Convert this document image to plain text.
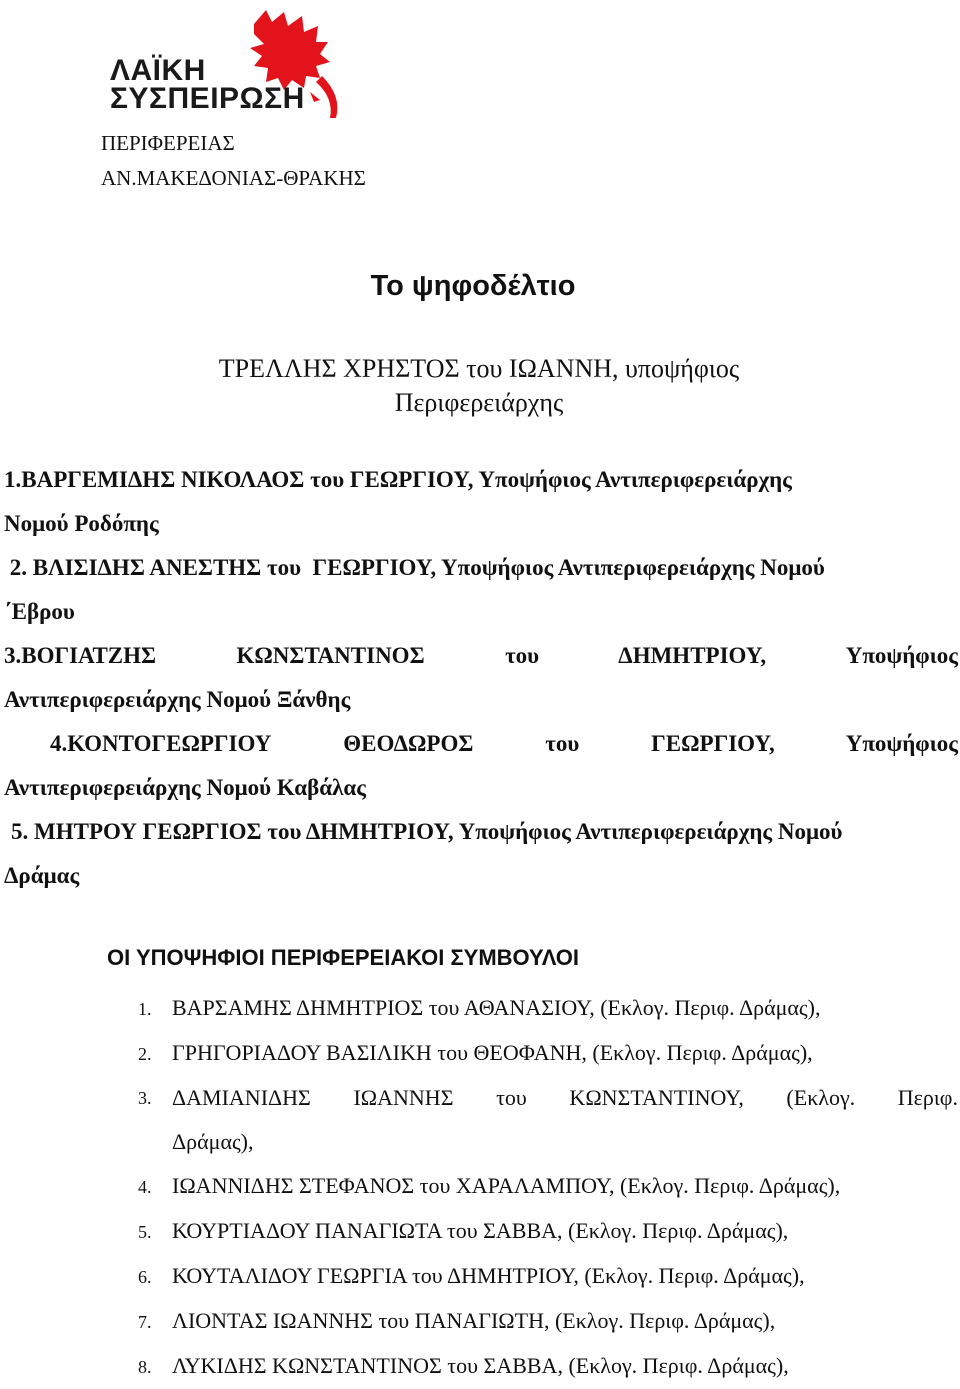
ΛΑΪΚΗ
ΣΥΣΠΕΙΡΩΣΗ
ΠΕΡΙΦΕΡΕΙΑΣ
ΑΝ.ΜΑΚΕΔΟΝΙΑΣ-ΘΡΑΚΗΣ
Το ψηφοδέλτιο
ΤΡΕΛΛΗΣ ΧΡΗΣΤΟΣ του ΙΩΑΝΝΗ, υποψήφιος
Περιφερειάρχης
1.ΒΑΡΓΕΜΙΔΗΣ ΝΙΚΟΛΑΟΣ του ΓΕΩΡΓΙΟΥ, Υποψήφιος Αντιπεριφερειάρχης
Νομού Ροδόπης
2. ΒΛΙΣΙΔΗΣ ΑΝΕΣΤΗΣ του  ΓΕΩΡΓΙΟΥ, Υποψήφιος Αντιπεριφερειάρχης Νομού
΄Εβρου
3.ΒΟΓΙΑΤΖΗΣ ΚΩΝΣΤΑΝΤΙΝΟΣ του ΔΗΜΗΤΡΙΟΥ, Υποψήφιος
Αντιπεριφερειάρχης Νομού Ξάνθης
4.ΚΟΝΤΟΓΕΩΡΓΙΟΥ ΘΕΟΔΩΡΟΣ του ΓΕΩΡΓΙΟΥ, Υποψήφιος
Αντιπεριφερειάρχης Νομού Καβάλας
5. ΜΗΤΡΟΥ ΓΕΩΡΓΙΟΣ του ΔΗΜΗΤΡΙΟΥ, Υποψήφιος Αντιπεριφερειάρχης Νομού
Δράμας
ΟΙ ΥΠΟΨΗΦΙΟΙ ΠΕΡΙΦΕΡΕΙΑΚΟΙ ΣΥΜΒΟΥΛΟΙ
1. ΒΑΡΣΑΜΗΣ ΔΗΜΗΤΡΙΟΣ του ΑΘΑΝΑΣΙΟΥ, (Εκλογ. Περιφ. Δράμας),
2. ΓΡΗΓΟΡΙΑΔΟΥ ΒΑΣΙΛΙΚΗ του ΘΕΟΦΑΝΗ, (Εκλογ. Περιφ. Δράμας),
3. ΔΑΜΙΑΝΙΔΗΣ ΙΩΑΝΝΗΣ του ΚΩΝΣΤΑΝΤΙΝΟΥ, (Εκλογ. Περιφ.
Δράμας),
4. ΙΩΑΝΝΙΔΗΣ ΣΤΕΦΑΝΟΣ του ΧΑΡΑΛΑΜΠΟΥ, (Εκλογ. Περιφ. Δράμας),
5. ΚΟΥΡΤΙΑΔΟΥ ΠΑΝΑΓΙΩΤΑ του ΣΑΒΒΑ, (Εκλογ. Περιφ. Δράμας),
6. ΚΟΥΤΑΛΙΔΟΥ ΓΕΩΡΓΙΑ του ΔΗΜΗΤΡΙΟΥ, (Εκλογ. Περιφ. Δράμας),
7. ΛΙΟΝΤΑΣ ΙΩΑΝΝΗΣ του ΠΑΝΑΓΙΩΤΗ, (Εκλογ. Περιφ. Δράμας),
8. ΛΥΚΙΔΗΣ ΚΩΝΣΤΑΝΤΙΝΟΣ του ΣΑΒΒΑ, (Εκλογ. Περιφ. Δράμας),
